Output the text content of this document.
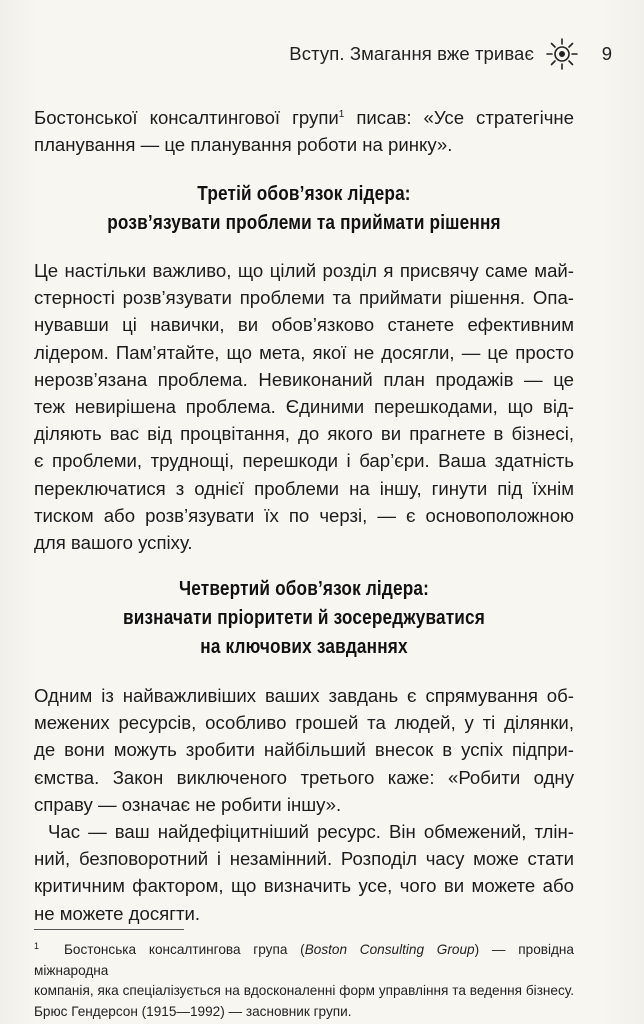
Вступ. Змагання вже триває	9

Бостонської консалтингової групи$^1$ писав: «Усе стратегічне
планування — це планування роботи на ринку».

Третій обов’язок лідера:
розв’язувати проблеми та приймати рішення

Це настільки важливо, що цілий розділ я присвячу саме май-
стерності розв’язувати проблеми та приймати рішення. Опа-
нувавши ці навички, ви обов’язково станете ефективним
лідером. Пам’ятайте, що мета, якої не досягли, — це просто
нерозв’язана проблема. Невиконаний план продажів — це
теж невирішена проблема. Єдиними перешкодами, що від-
діляють вас від процвітання, до якого ви прагнете в бізнесі,
є проблеми, труднощі, перешкоди і бар’єри. Ваша здатність
переключатися з однієї проблеми на іншу, гинути під їхнім
тиском або розв’язувати їх по черзі, — є основоположною
для вашого успіху.

Четвертий обов’язок лідера:
визначати пріоритети й зосереджуватися
на ключових завданнях

Одним із найважливіших ваших завдань є спрямування об-
межених ресурсів, особливо грошей та людей, у ті ділянки,
де вони можуть зробити найбільший внесок в успіх підпри-
ємства. Закон виключеного третього каже: «Робити одну
справу — означає не робити іншу».

Час — ваш найдефіцитніший ресурс. Він обмежений, тлін-
ний, безповоротний і незамінний. Розподіл часу може стати
критичним фактором, що визначить усе, чого ви можете або
не можете досягти.

1 Бостонська консалтингова група (Boston Consulting Group) — провідна міжнародна
компанія, яка спеціалізується на вдосконаленні форм управління та ведення бізнесу.
Брюс Гендерсон (1915—1992) — засновник групи.
